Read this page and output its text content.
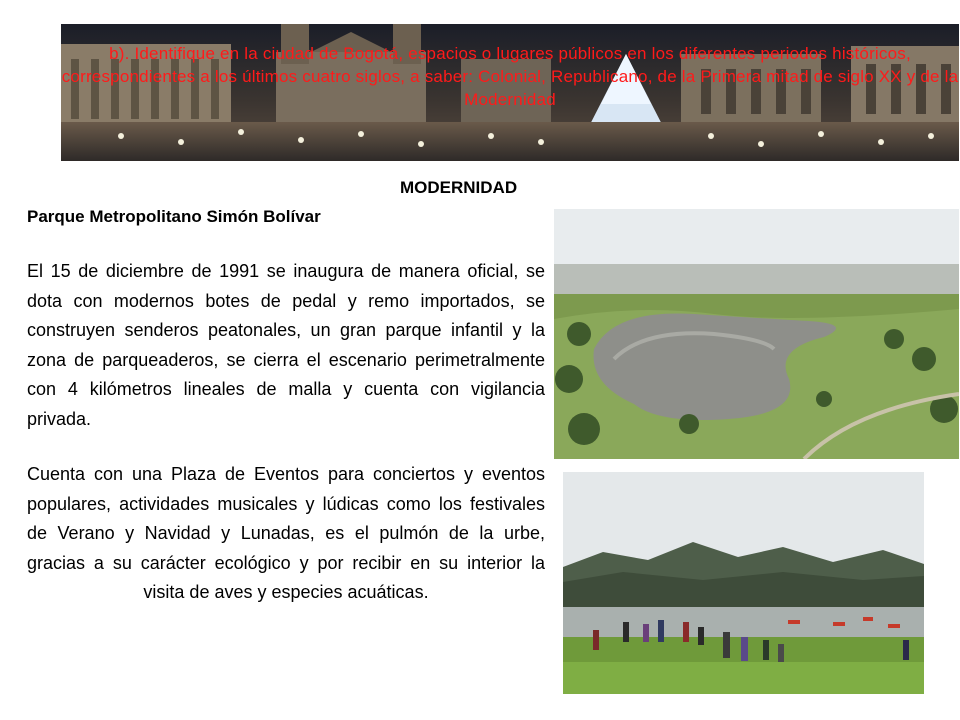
b). Identifique en la ciudad de Bogotá, espacios o lugares públicos en los diferentes periodos históricos, correspondientes a los últimos cuatro siglos, a saber: Colonial, Republicano, de la Primera mitad de siglo XX y de la Modernidad
MODERNIDAD
Parque Metropolitano Simón Bolívar

El 15 de diciembre de 1991 se inaugura de manera oficial, se dota con modernos botes de pedal y remo importados, se construyen senderos peatonales, un gran parque infantil y la zona de parqueaderos, se cierra el escenario perimetralmente con 4 kilómetros lineales de malla y cuenta con vigilancia privada.

Cuenta con una Plaza de Eventos para conciertos y eventos populares, actividades musicales y lúdicas como los festivales de Verano y Navidad y Lunadas, es el pulmón de la urbe, gracias a su carácter ecológico y por recibir en su interior la visita de aves y especies acuáticas.
